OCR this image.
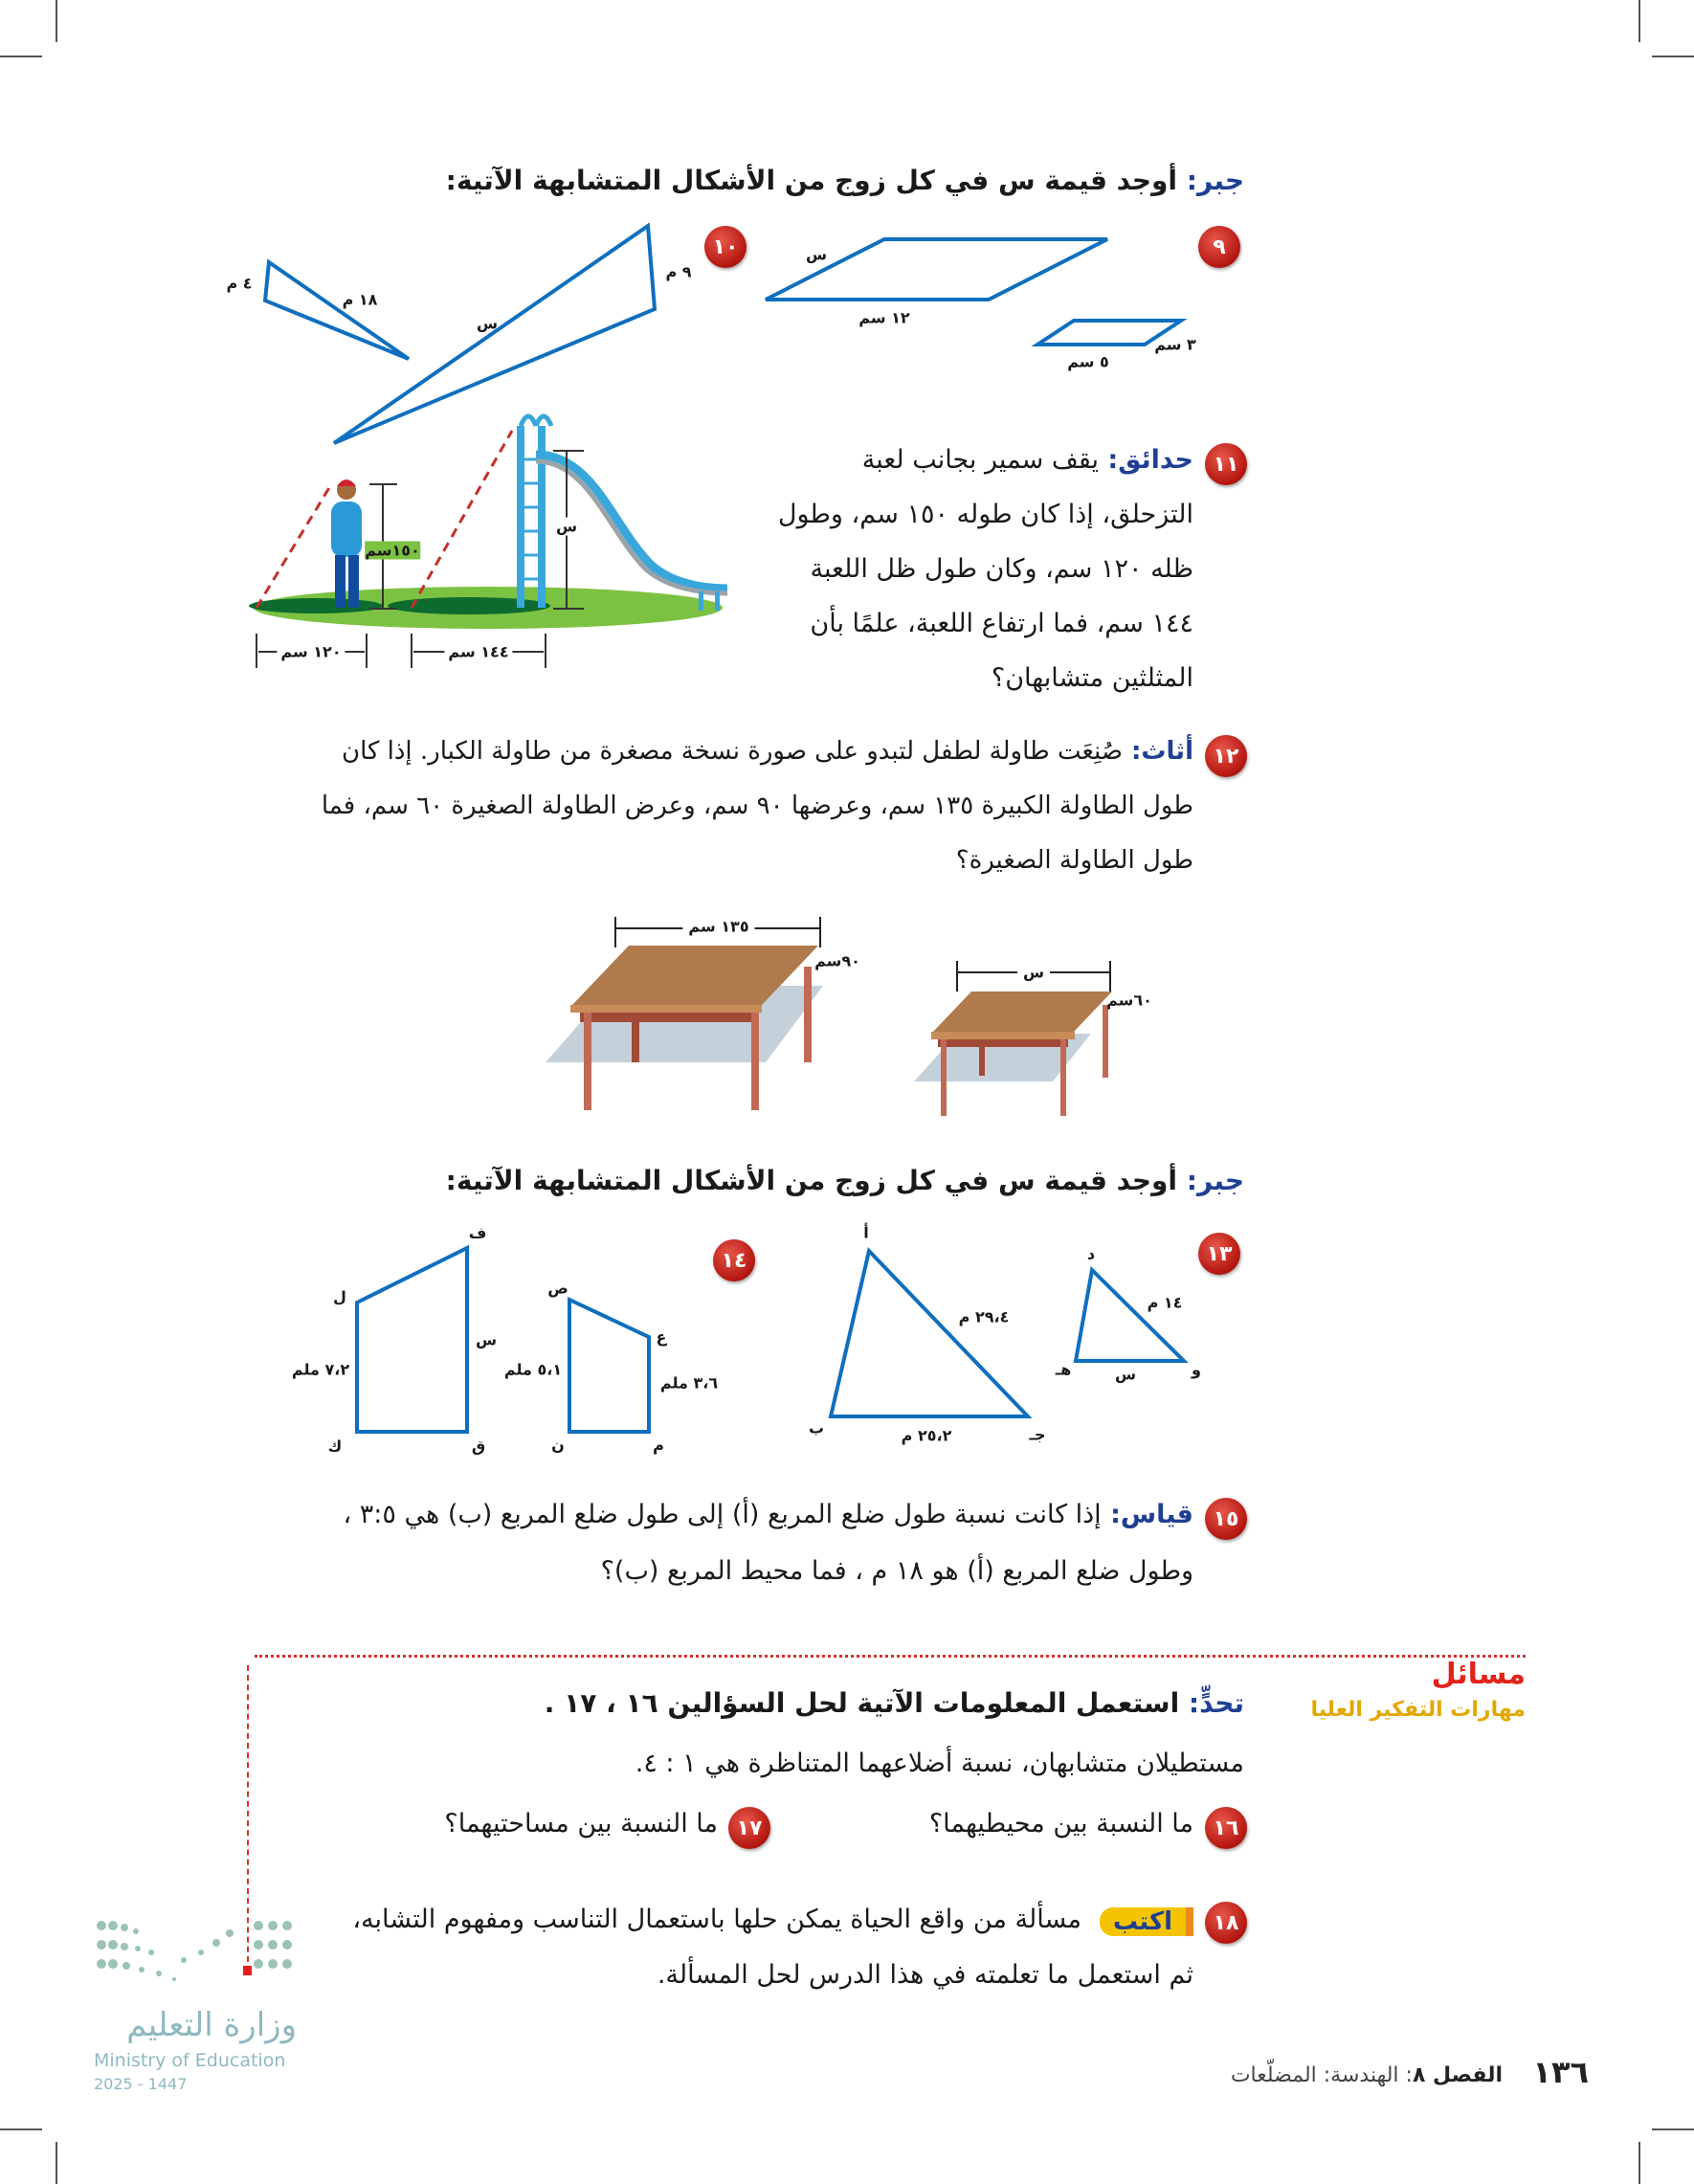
جبر: أوجد قيمة س في كل زوج من الأشكال المتشابهة الآتية:
٩
١٠	س
١٢ سم
٥ سم
٣ سم
٩ م
س
٤ م
١٨ م
١٥٠سم
س
١٢٠ سم	١٤٤ سم
١١
حدائق: يقف سمير بجانب لعبة
التزحلق، إذا كان طوله ١٥٠ سم، وطول
ظله ١٢٠ سم، وكان طول ظل اللعبة
١٤٤ سم، فما ارتفاع اللعبة، علمًا بأن
المثلثين متشابهان؟
١٢
أثاث: صُنِعَت طاولة لطفل لتبدو على صورة نسخة مصغرة من طاولة الكبار. إذا كان
طول الطاولة الكبيرة ١٣٥ سم، وعرضها ٩٠ سم، وعرض الطاولة الصغيرة ٦٠ سم، فما
طول الطاولة الصغيرة؟
١٣٥ سم
٩٠سم
س
٦٠سم
جبر: أوجد قيمة س في كل زوج من الأشكال المتشابهة الآتية:
١٣
١٤	د
١٤ م
هـ	س	و
أ
٢٩،٤ م
ب	٢٥،٢ م	جـ
ص
ع
٣،٦ ملم
٥،١ ملم
ن	م
ف
ل
س
٧،٢ ملم
ك	ق
١٥
قياس: إذا كانت نسبة طول ضلع المربع (أ) إلى طول ضلع المربع (ب) هي ٣:٥ ،
وطول ضلع المربع (أ) هو ١٨ م ، فما محيط المربع (ب)؟
مسائل
مهارات التفكير العليا
تحدٍّ: استعمل المعلومات الآتية لحل السؤالين ١٦ ، ١٧ .
مستطيلان متشابهان، نسبة أضلاعهما المتناظرة هي ١ : ٤.
١٦
ما النسبة بين محيطيهما؟
١٧
ما النسبة بين مساحتيهما؟
١٨
اكتب
مسألة من واقع الحياة يمكن حلها باستعمال التناسب ومفهوم التشابه،
ثم استعمل ما تعلمته في هذا الدرس لحل المسألة.
وزارة التعليم
Ministry of Education
2025 - 1447	١٣٦
الفصل ٨: الهندسة: المضلّعات
